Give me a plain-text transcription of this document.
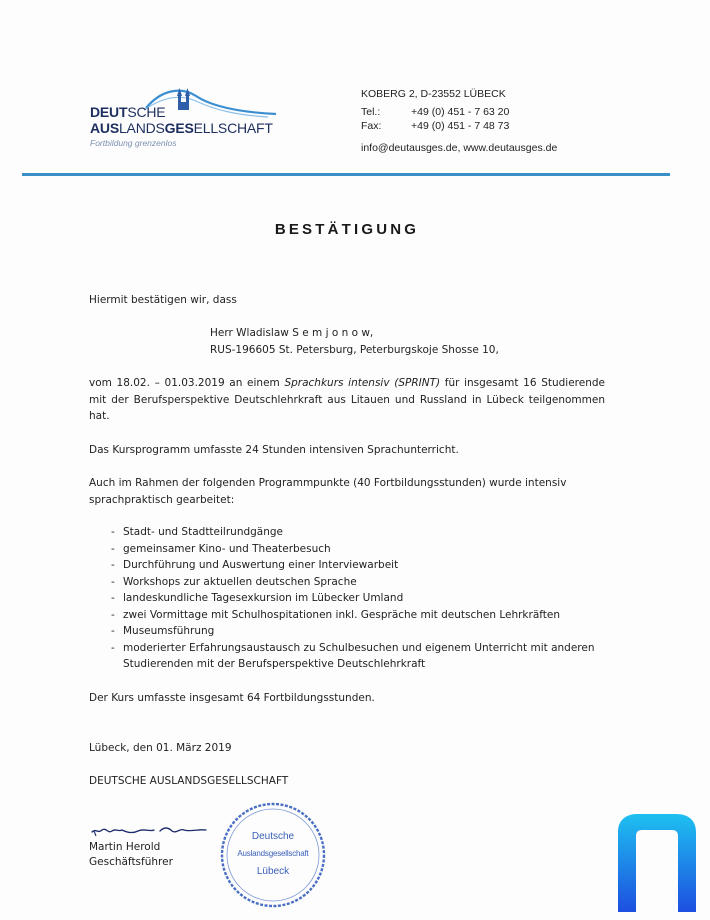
DEUTSCHE
AUSLANDSGESELLSCHAFT
Fortbildung grenzenlos
KOBERG 2, D-23552 LÜBECK
Tel.:	+49 (0) 451 - 7 63 20
Fax:	+49 (0) 451 - 7 48 73
info@deutausges.de, www.deutausges.de
BESTÄTIGUNG
Hiermit bestätigen wir, dass
Herr Wladislaw S e m j o n o w,
RUS-196605 St. Petersburg, Peterburgskoje Shosse 10,
vom 18.02. – 01.03.2019 an einem Sprachkurs intensiv (SPRINT) für insgesamt 16 Studierende mit der Berufsperspektive Deutschlehrkraft aus Litauen und Russland in Lübeck teilgenommen hat.
Das Kursprogramm umfasste 24 Stunden intensiven Sprachunterricht.
Auch im Rahmen der folgenden Programmpunkte (40 Fortbildungsstunden) wurde intensiv sprachpraktisch gearbeitet:
- Stadt- und Stadtteilrundgänge
- gemeinsamer Kino- und Theaterbesuch
- Durchführung und Auswertung einer Interviewarbeit
- Workshops zur aktuellen deutschen Sprache
- landeskundliche Tagesexkursion im Lübecker Umland
- zwei Vormittage mit Schulhospitationen inkl. Gespräche mit deutschen Lehrkräften
- Museumsführung
- moderierter Erfahrungsaustausch zu Schulbesuchen und eigenem Unterricht mit anderen Studierenden mit der Berufsperspektive Deutschlehrkraft
Der Kurs umfasste insgesamt 64 Fortbildungsstunden.
Lübeck, den 01. März 2019
DEUTSCHE AUSLANDSGESELLSCHAFT
Martin Herold
Geschäftsführer
Deutsche
Auslandsgesellschaft
Lübeck
